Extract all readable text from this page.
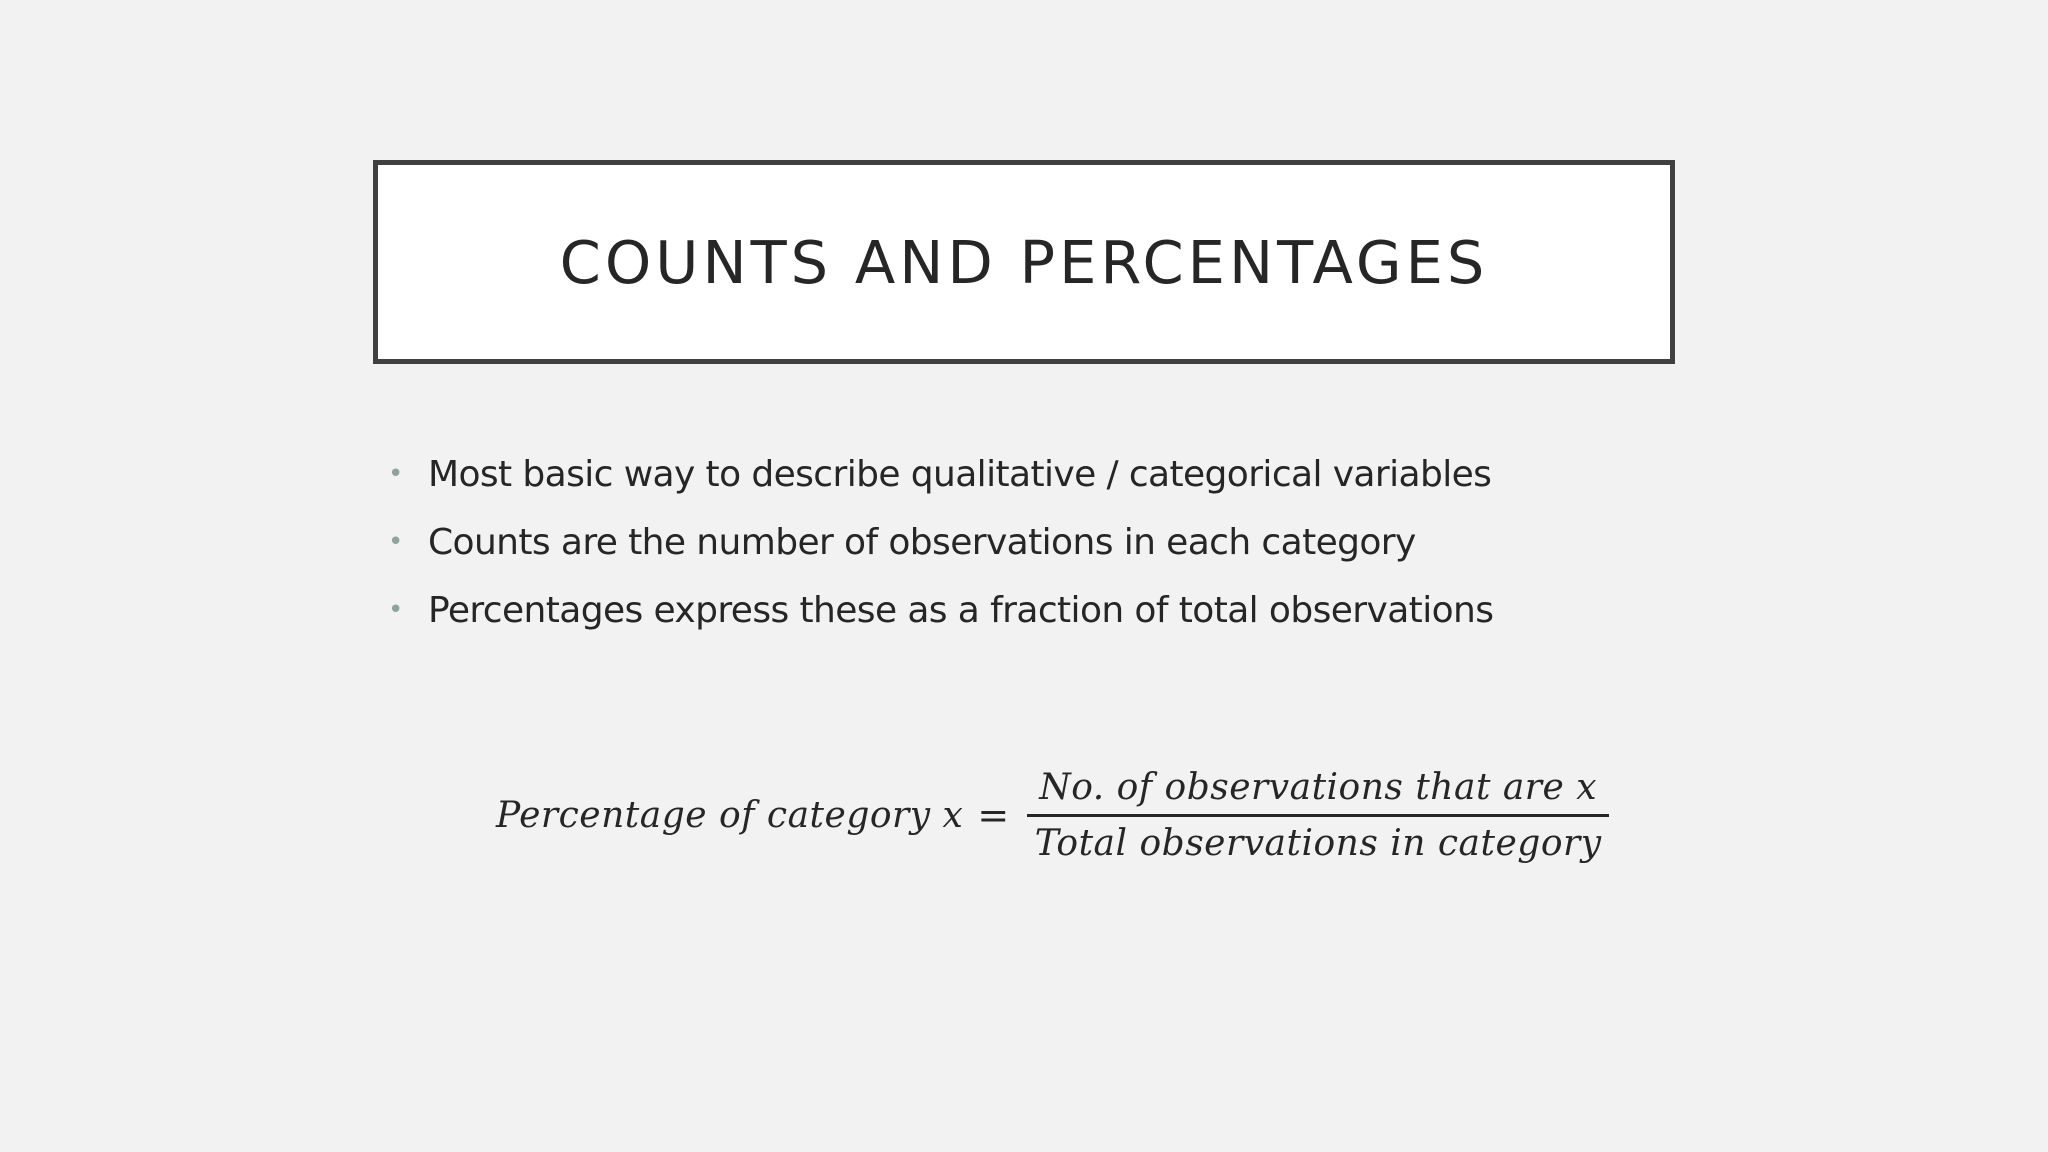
COUNTS AND PERCENTAGES
• Most basic way to describe qualitative / categorical variables
• Counts are the number of observations in each category
• Percentages express these as a fraction of total observations
Percentage of category $x = \frac{\text{No. of observations that are x}}{\text{Total observations in category}}$
